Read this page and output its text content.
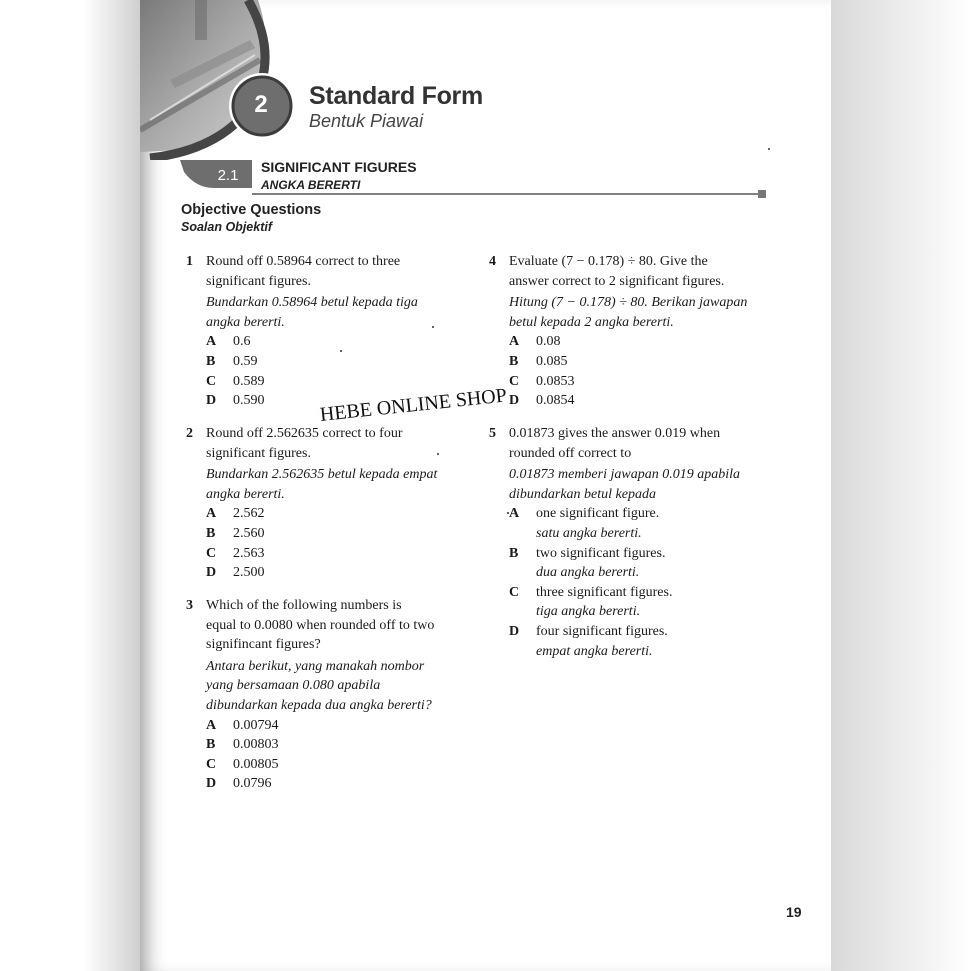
2	Standard Form
Bentuk Piawai
2.1	SIGNIFICANT FIGURES
ANGKA BERERTI
Objective Questions
Soalan Objektif
1 Round off 0.58964 correct to three
significant figures.
Bundarkan 0.58964 betul kepada tiga
angka bererti.
A 0.6
B 0.59
C 0.589
D 0.590
2 Round off 2.562635 correct to four
significant figures.
Bundarkan 2.562635 betul kepada empat
angka bererti.
A 2.562
B 2.560
C 2.563
D 2.500
3 Which of the following numbers is
equal to 0.0080 when rounded off to two
signifincant figures?
Antara berikut, yang manakah nombor
yang bersamaan 0.080 apabila
dibundarkan kepada dua angka bererti?
A 0.00794
B 0.00803
C 0.00805
D 0.0796
4 Evaluate (7 − 0.178) ÷ 80. Give the
answer correct to 2 significant figures.
Hitung (7 − 0.178) ÷ 80. Berikan jawapan
betul kepada 2 angka bererti.
A 0.08
B 0.085
C 0.0853
D 0.0854
5 0.01873 gives the answer 0.019 when
rounded off correct to
0.01873 memberi jawapan 0.019 apabila
dibundarkan betul kepada
A one significant figure.
satu angka bererti.
B two significant figures.
dua angka bererti.
C three significant figures.
tiga angka bererti.
D four significant figures.
empat angka bererti.
HEBE ONLINE SHOP
19
